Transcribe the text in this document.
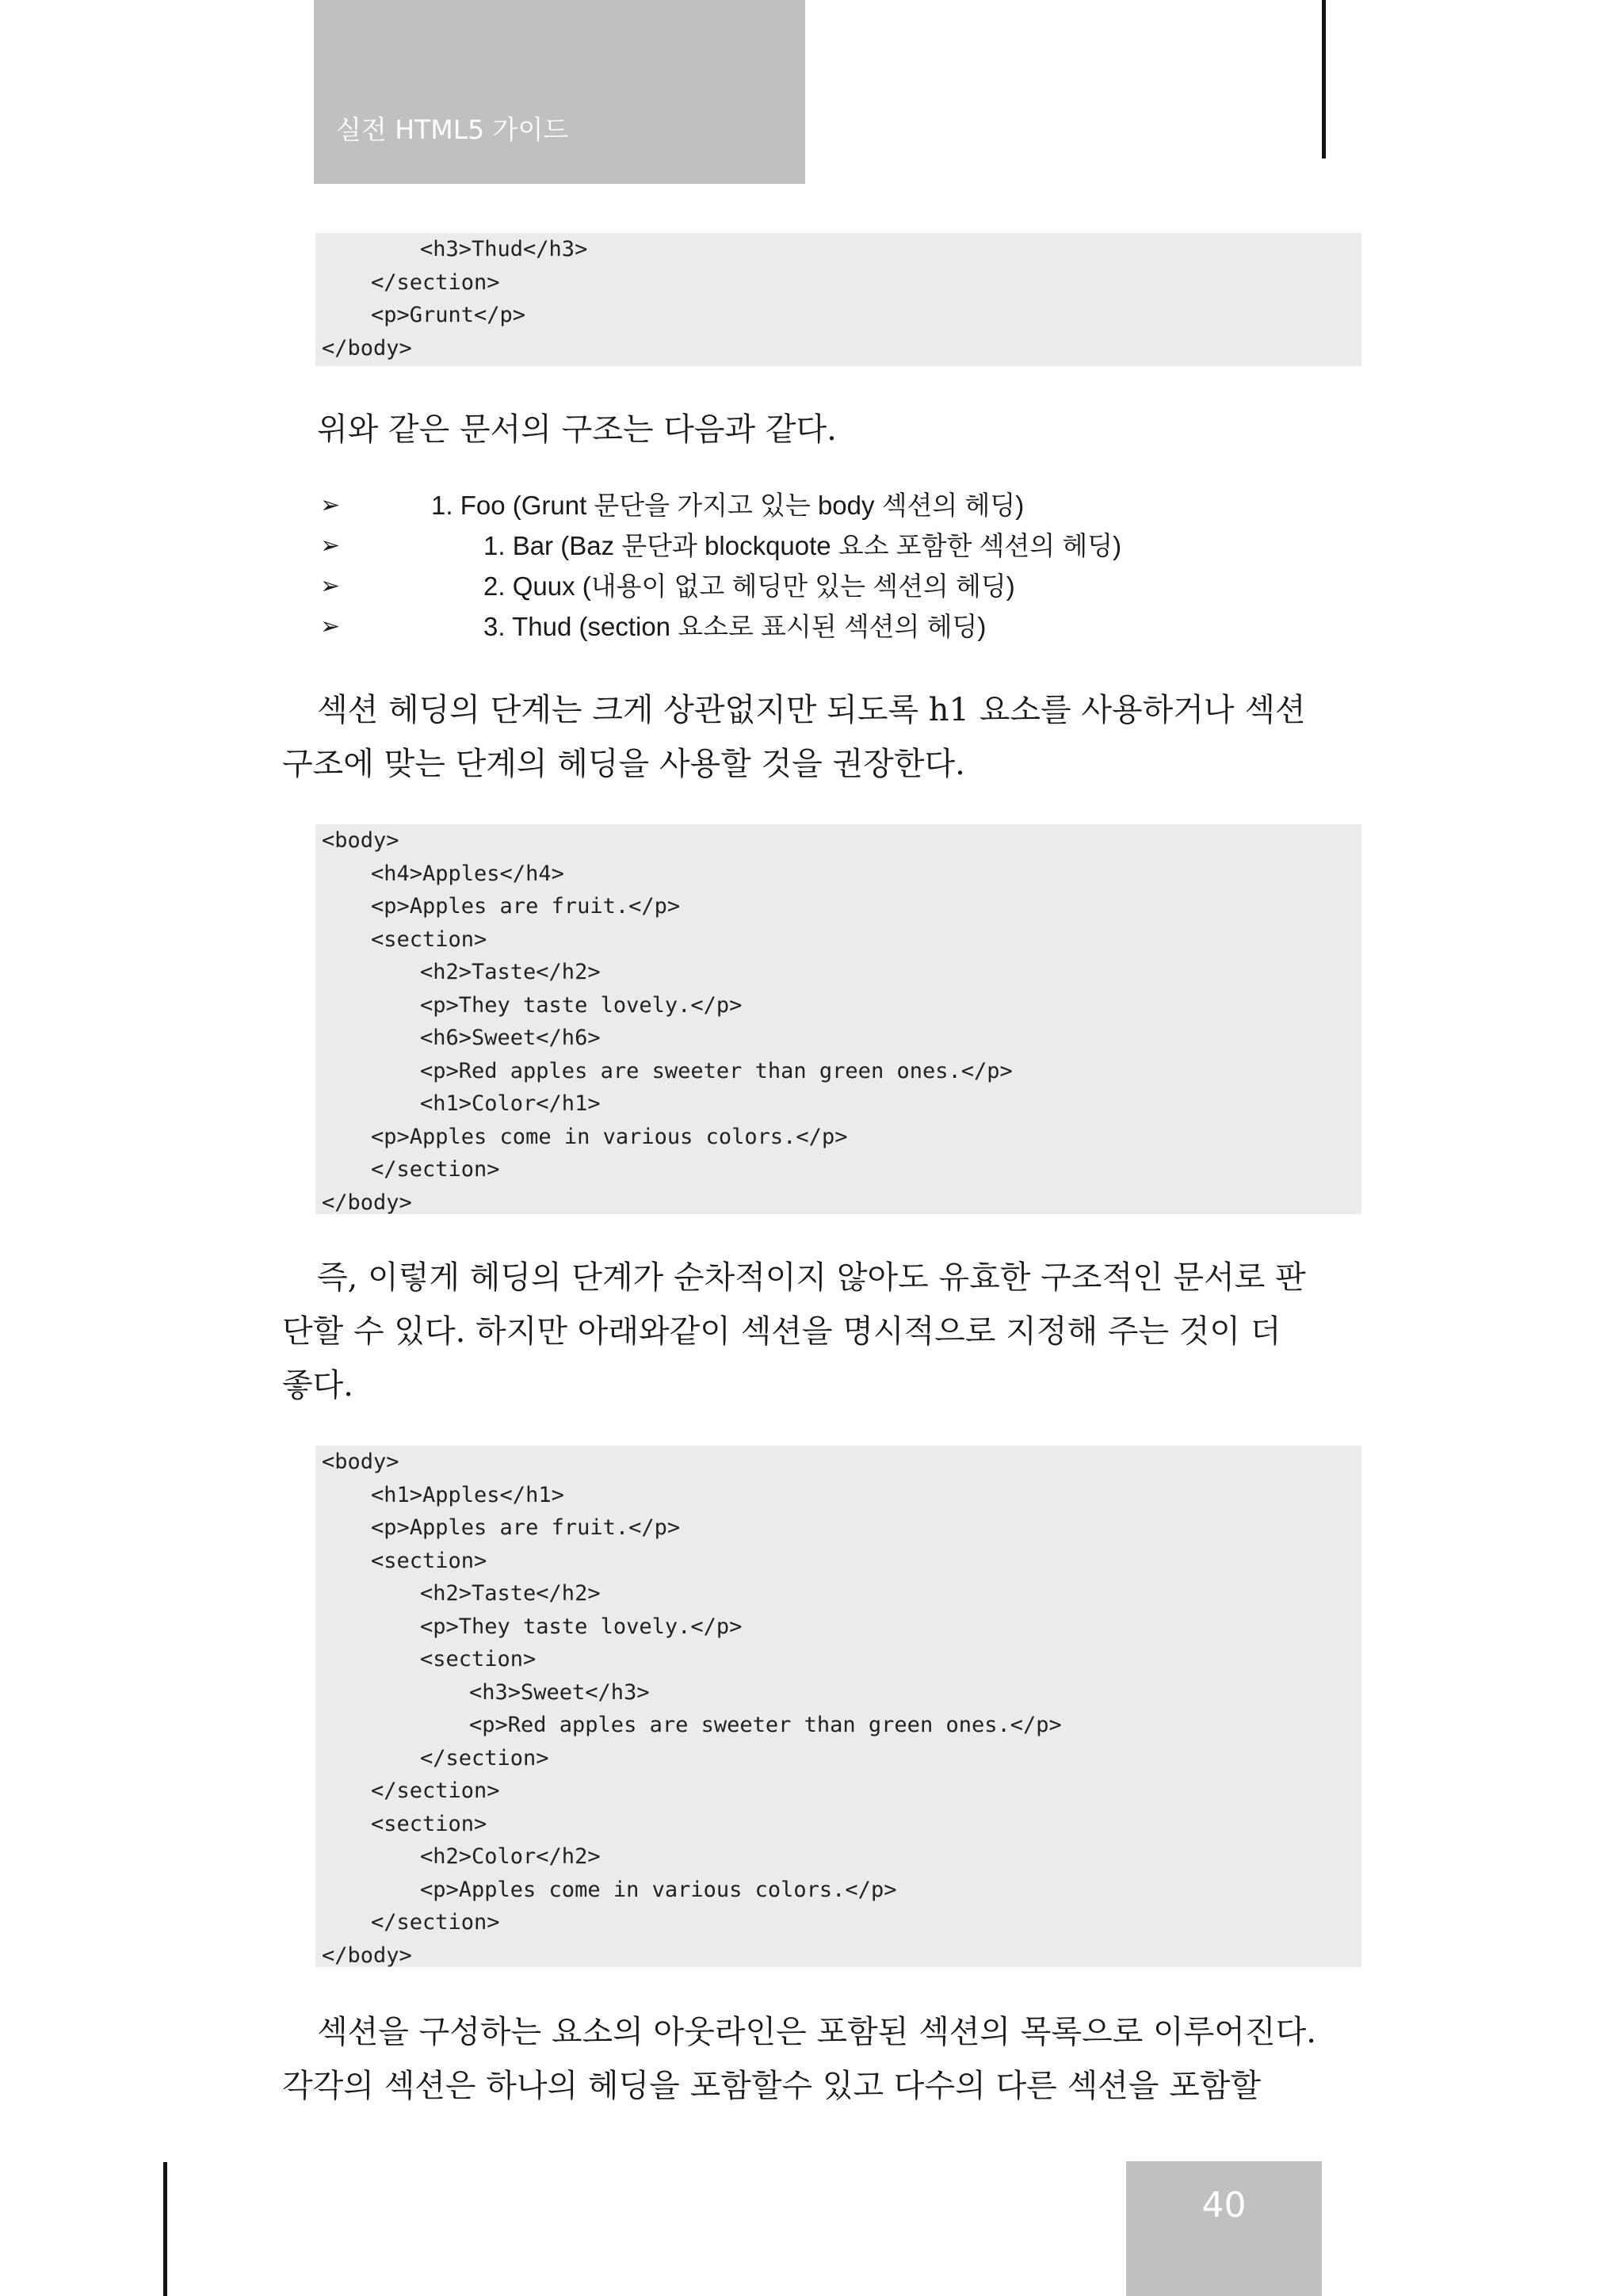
실전 HTML5 가이드
<h3>Thud</h3>
</section>
<p>Grunt</p>
</body>
위와 같은 문서의 구조는 다음과 같다.
➢	1. Foo (Grunt 문단을 가지고 있는 body 섹션의 헤딩)
➢	1. Bar (Baz 문단과 blockquote 요소 포함한 섹션의 헤딩)
➢	2. Quux (내용이 없고 헤딩만 있는 섹션의 헤딩)
➢	3. Thud (section 요소로 표시된 섹션의 헤딩)
섹션 헤딩의 단계는 크게 상관없지만 되도록 h1 요소를 사용하거나 섹션
구조에 맞는 단계의 헤딩을 사용할 것을 권장한다.
<body>
<h4>Apples</h4>
<p>Apples are fruit.</p>
<section>
<h2>Taste</h2>
<p>They taste lovely.</p>
<h6>Sweet</h6>
<p>Red apples are sweeter than green ones.</p>
<h1>Color</h1>
<p>Apples come in various colors.</p>
</section>
</body>
즉, 이렇게 헤딩의 단계가 순차적이지 않아도 유효한 구조적인 문서로 판
단할 수 있다. 하지만 아래와같이 섹션을 명시적으로 지정해 주는 것이 더
좋다.
<body>
<h1>Apples</h1>
<p>Apples are fruit.</p>
<section>
<h2>Taste</h2>
<p>They taste lovely.</p>
<section>
<h3>Sweet</h3>
<p>Red apples are sweeter than green ones.</p>
</section>
</section>
<section>
<h2>Color</h2>
<p>Apples come in various colors.</p>
</section>
</body>
섹션을 구성하는 요소의 아웃라인은 포함된 섹션의 목록으로 이루어진다.
각각의 섹션은 하나의 헤딩을 포함할수 있고 다수의 다른 섹션을 포함할
40
